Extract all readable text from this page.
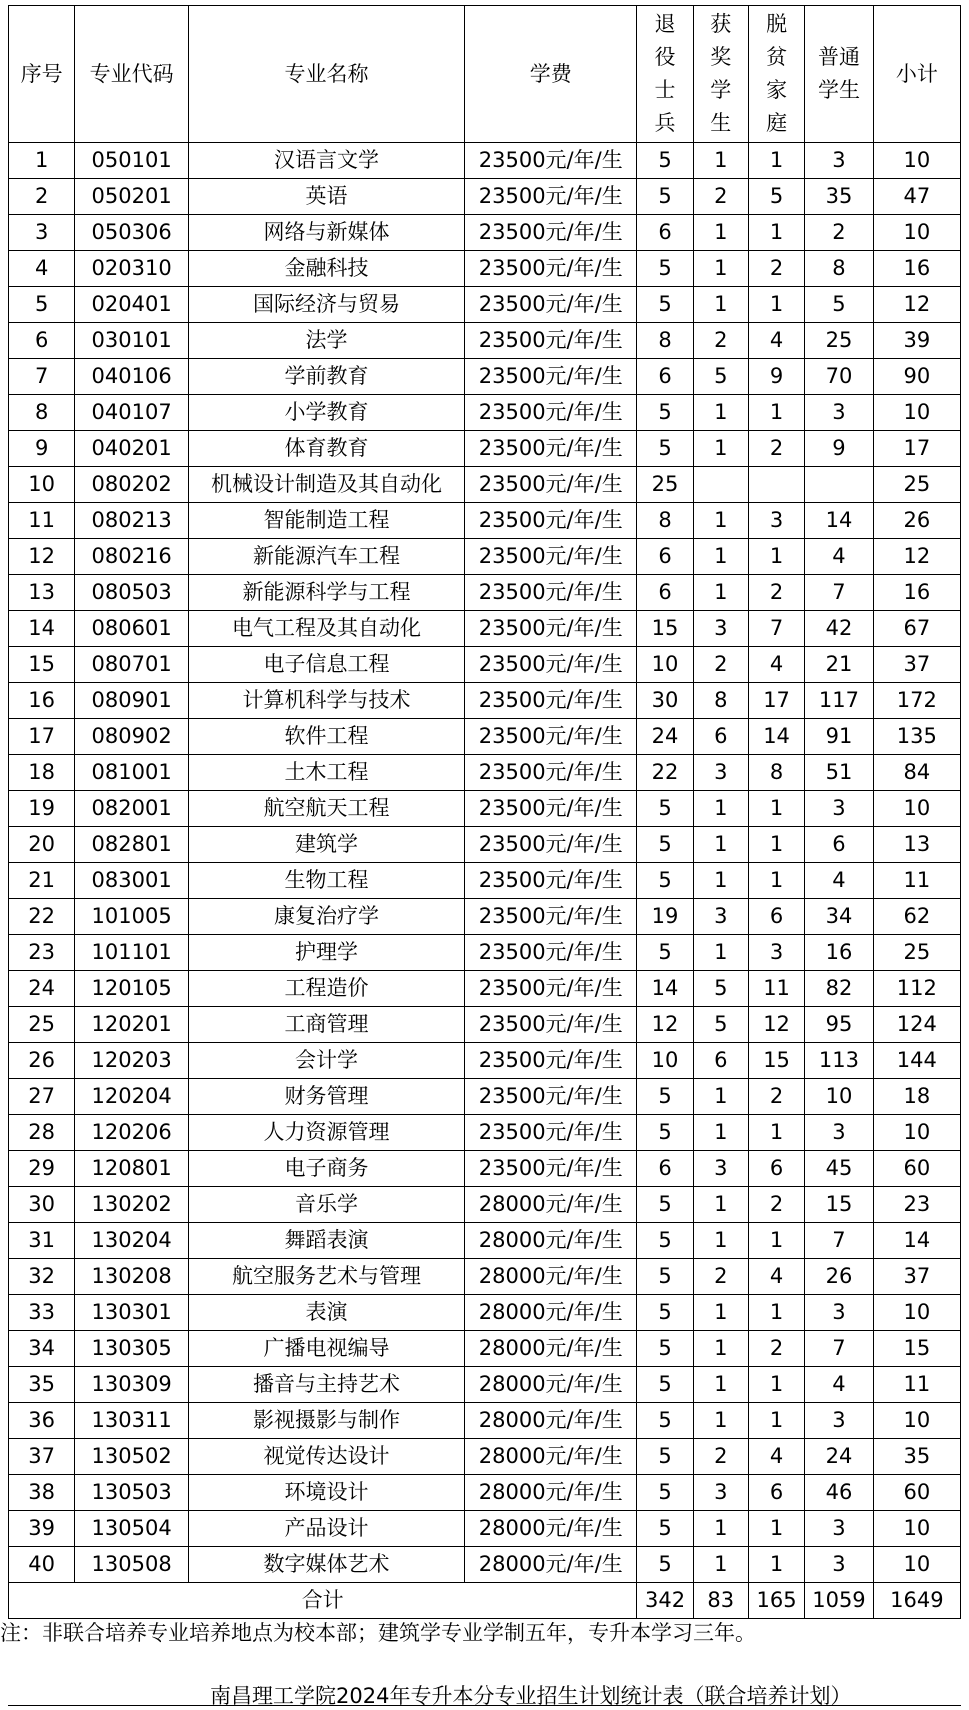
序号	专业代码	专业名称	学费	退
役
士
兵	获
奖
学
生	脱
贫
家
庭	普通
学生	小计
1	050101	汉语言文学	23500元/年/生	5	1	1	3	10
2	050201	英语	23500元/年/生	5	2	5	35	47
3	050306	网络与新媒体	23500元/年/生	6	1	1	2	10
4	020310	金融科技	23500元/年/生	5	1	2	8	16
5	020401	国际经济与贸易	23500元/年/生	5	1	1	5	12
6	030101	法学	23500元/年/生	8	2	4	25	39
7	040106	学前教育	23500元/年/生	6	5	9	70	90
8	040107	小学教育	23500元/年/生	5	1	1	3	10
9	040201	体育教育	23500元/年/生	5	1	2	9	17
10	080202	机械设计制造及其自动化	23500元/年/生	25				25
11	080213	智能制造工程	23500元/年/生	8	1	3	14	26
12	080216	新能源汽车工程	23500元/年/生	6	1	1	4	12
13	080503	新能源科学与工程	23500元/年/生	6	1	2	7	16
14	080601	电气工程及其自动化	23500元/年/生	15	3	7	42	67
15	080701	电子信息工程	23500元/年/生	10	2	4	21	37
16	080901	计算机科学与技术	23500元/年/生	30	8	17	117	172
17	080902	软件工程	23500元/年/生	24	6	14	91	135
18	081001	土木工程	23500元/年/生	22	3	8	51	84
19	082001	航空航天工程	23500元/年/生	5	1	1	3	10
20	082801	建筑学	23500元/年/生	5	1	1	6	13
21	083001	生物工程	23500元/年/生	5	1	1	4	11
22	101005	康复治疗学	23500元/年/生	19	3	6	34	62
23	101101	护理学	23500元/年/生	5	1	3	16	25
24	120105	工程造价	23500元/年/生	14	5	11	82	112
25	120201	工商管理	23500元/年/生	12	5	12	95	124
26	120203	会计学	23500元/年/生	10	6	15	113	144
27	120204	财务管理	23500元/年/生	5	1	2	10	18
28	120206	人力资源管理	23500元/年/生	5	1	1	3	10
29	120801	电子商务	23500元/年/生	6	3	6	45	60
30	130202	音乐学	28000元/年/生	5	1	2	15	23
31	130204	舞蹈表演	28000元/年/生	5	1	1	7	14
32	130208	航空服务艺术与管理	28000元/年/生	5	2	4	26	37
33	130301	表演	28000元/年/生	5	1	1	3	10
34	130305	广播电视编导	28000元/年/生	5	1	2	7	15
35	130309	播音与主持艺术	28000元/年/生	5	1	1	4	11
36	130311	影视摄影与制作	28000元/年/生	5	1	1	3	10
37	130502	视觉传达设计	28000元/年/生	5	2	4	24	35
38	130503	环境设计	28000元/年/生	5	3	6	46	60
39	130504	产品设计	28000元/年/生	5	1	1	3	10
40	130508	数字媒体艺术	28000元/年/生	5	1	1	3	10
合计				342	83	165	1059	1649
注：非联合培养专业培养地点为校本部；建筑学专业学制五年，专升本学习三年。
南昌理工学院2024年专升本分专业招生计划统计表（联合培养计划）
